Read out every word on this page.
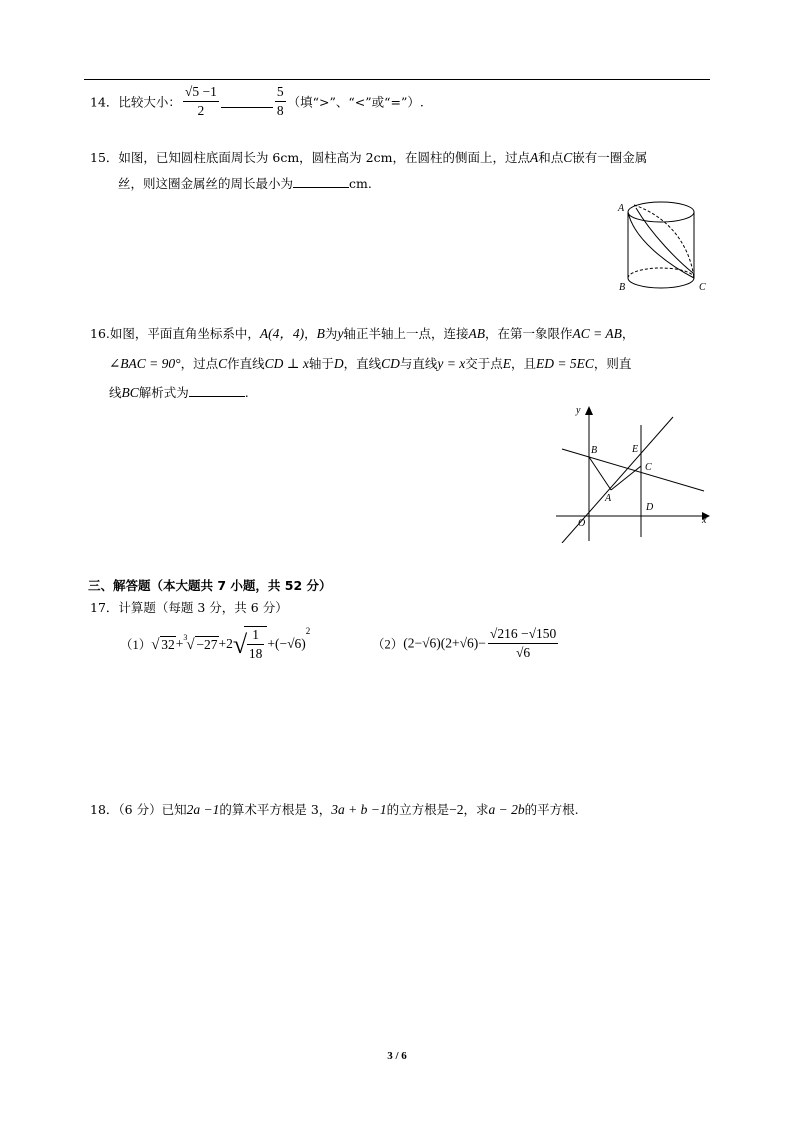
14．比较大小： $\frac{√5 -1}{2}$	$\frac{5}{8}$ （填“>”、“<”或“=”）.
15．如图，已知圆柱底面周长为 6cm，圆柱高为 2cm，在圆柱的侧面上，过点A和点C嵌有一圈金属
丝，则这圈金属丝的周长最小为	cm.
A
B	C
16.如图，平面直角坐标系中，A(4，4)，B为y轴正半轴上一点，连接AB，在第一象限作AC = AB，
∠BAC = 90°，过点C作直线CD ⊥ x轴于D，直线CD与直线y = x交于点E，且ED = 5EC，则直
线BC解析式为	.
O
y
x
B	E
C
A
D
三、解答题（本大题共 7 小题，共 52 分）
17．计算题（每题 3 分，共 6 分）
（1） √ 32+ 3 √ −27+2 √ $\frac{1}{18} +(-√6)^2$
$(2)(2-√6)(2+√6)- \frac{√216 -√150}{√6}$
18．（6 分）已知2a −1的算术平方根是 3，3a + b −1的立方根是−2，求a − 2b的平方根.
3 / 6
